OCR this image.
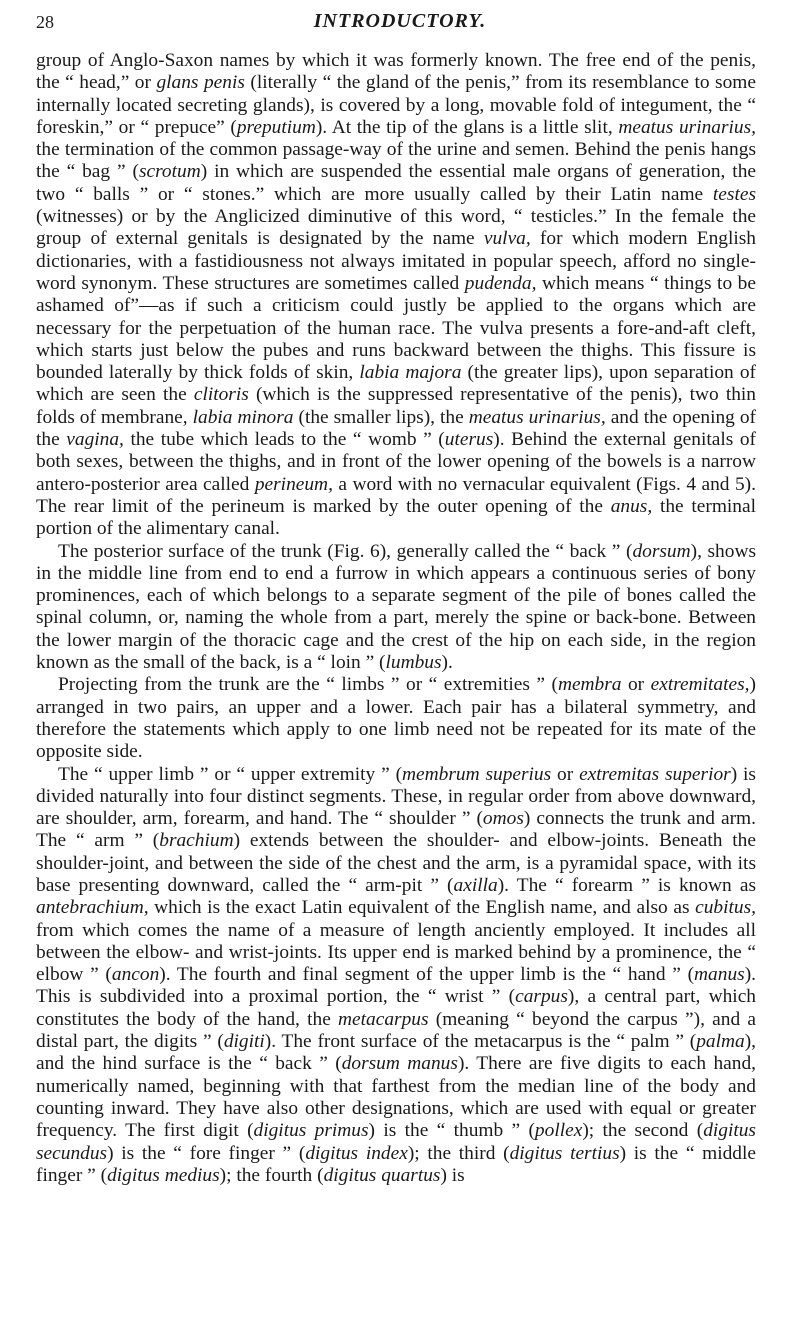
28	INTRODUCTORY.

group of Anglo-Saxon names by which it was formerly known. The free end of the penis, the “ head,” or glans penis (literally “ the gland of the penis,” from its resemblance to some internally located secreting glands), is covered by a long, movable fold of integument, the “ foreskin,” or “ prepuce” (preputium). At the tip of the glans is a little slit, meatus urinarius, the termination of the common passage-way of the urine and semen. Behind the penis hangs the “ bag ” (scrotum) in which are suspended the essential male organs of generation, the two “ balls ” or “ stones.” which are more usually called by their Latin name testes (witnesses) or by the Anglicized diminutive of this word, “ testicles.” In the female the group of external genitals is designated by the name vulva, for which modern English dictionaries, with a fastidiousness not always imitated in popular speech, afford no single-word synonym. These structures are sometimes called pudenda, which means “ things to be ashamed of”—as if such a criticism could justly be applied to the organs which are necessary for the perpetuation of the human race. The vulva presents a fore-and-aft cleft, which starts just below the pubes and runs backward between the thighs. This fissure is bounded laterally by thick folds of skin, labia majora (the greater lips), upon separation of which are seen the clitoris (which is the suppressed representative of the penis), two thin folds of membrane, labia minora (the smaller lips), the meatus urinarius, and the opening of the vagina, the tube which leads to the “ womb ” (uterus). Behind the external genitals of both sexes, between the thighs, and in front of the lower opening of the bowels is a narrow antero-posterior area called perineum, a word with no vernacular equivalent (Figs. 4 and 5). The rear limit of the perineum is marked by the outer opening of the anus, the terminal portion of the alimentary canal.

The posterior surface of the trunk (Fig. 6), generally called the “ back ” (dorsum), shows in the middle line from end to end a furrow in which appears a continuous series of bony prominences, each of which belongs to a separate segment of the pile of bones called the spinal column, or, naming the whole from a part, merely the spine or back-bone. Between the lower margin of the thoracic cage and the crest of the hip on each side, in the region known as the small of the back, is a “ loin ” (lumbus).

Projecting from the trunk are the “ limbs ” or “ extremities ” (membra or extremitates,) arranged in two pairs, an upper and a lower. Each pair has a bilateral symmetry, and therefore the statements which apply to one limb need not be repeated for its mate of the opposite side.

The “ upper limb ” or “ upper extremity ” (membrum superius or extremitas superior) is divided naturally into four distinct segments. These, in regular order from above downward, are shoulder, arm, forearm, and hand. The “ shoulder ” (omos) connects the trunk and arm. The “ arm ” (brachium) extends between the shoulder- and elbow-joints. Beneath the shoulder-joint, and between the side of the chest and the arm, is a pyramidal space, with its base presenting downward, called the “ arm-pit ” (axilla). The “ forearm ” is known as antebrachium, which is the exact Latin equivalent of the English name, and also as cubitus, from which comes the name of a measure of length anciently employed. It includes all between the elbow- and wrist-joints. Its upper end is marked behind by a prominence, the “ elbow ” (ancon). The fourth and final segment of the upper limb is the “ hand ” (manus). This is subdivided into a proximal portion, the “ wrist ” (carpus), a central part, which constitutes the body of the hand, the metacarpus (meaning “ beyond the carpus ”), and a distal part, the digits ” (digiti). The front surface of the metacarpus is the “ palm ” (palma), and the hind surface is the “ back ” (dorsum manus). There are five digits to each hand, numerically named, beginning with that farthest from the median line of the body and counting inward. They have also other designations, which are used with equal or greater frequency. The first digit (digitus primus) is the “ thumb ” (pollex); the second (digitus secundus) is the “ fore finger ” (digitus index); the third (digitus tertius) is the “ middle finger ” (digitus medius); the fourth (digitus quartus) is
